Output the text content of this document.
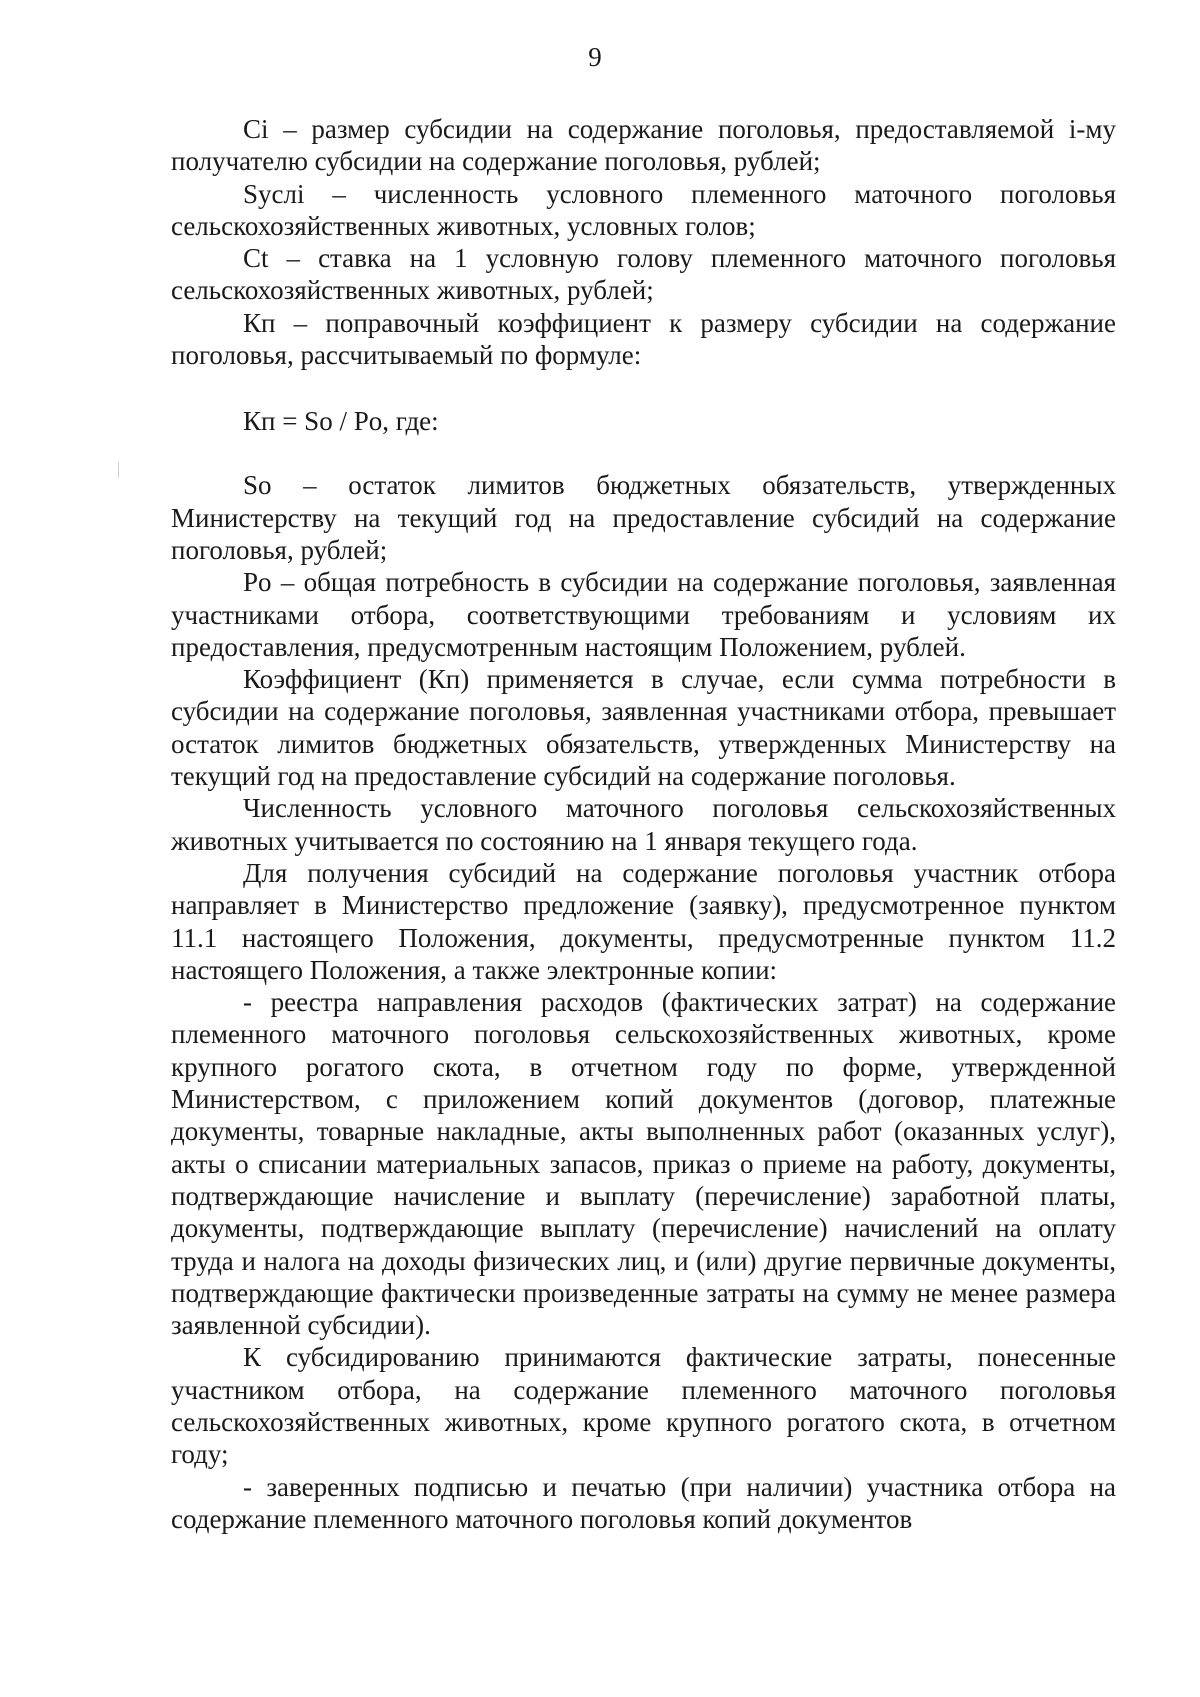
9

Ci – размер субсидии на содержание поголовья, предоставляемой i-му получателю субсидии на содержание поголовья, рублей;

Sycлi – численность условного племенного маточного поголовья сельскохозяйственных животных, условных голов;

Ct – ставка на 1 условную голову племенного маточного поголовья сельскохозяйственных животных, рублей;

Кп – поправочный коэффициент к размеру субсидии на содержание поголовья, рассчитываемый по формуле:

Кп = So / Po, где:

So – остаток лимитов бюджетных обязательств, утвержденных Министерству на текущий год на предоставление субсидий на содержание поголовья, рублей;

Po – общая потребность в субсидии на содержание поголовья, заявленная участниками отбора, соответствующими требованиям и условиям их предоставления, предусмотренным настоящим Положением, рублей.

Коэффициент (Кп) применяется в случае, если сумма потребности в субсидии на содержание поголовья, заявленная участниками отбора, превышает остаток лимитов бюджетных обязательств, утвержденных Министерству на текущий год на предоставление субсидий на содержание поголовья.

Численность условного маточного поголовья сельскохозяйственных животных учитывается по состоянию на 1 января текущего года.

Для получения субсидий на содержание поголовья участник отбора направляет в Министерство предложение (заявку), предусмотренное пунктом 11.1 настоящего Положения, документы, предусмотренные пунктом 11.2 настоящего Положения, а также электронные копии:

- реестра направления расходов (фактических затрат) на содержание племенного маточного поголовья сельскохозяйственных животных, кроме крупного рогатого скота, в отчетном году по форме, утвержденной Министерством, с приложением копий документов (договор, платежные документы, товарные накладные, акты выполненных работ (оказанных услуг), акты о списании материальных запасов, приказ о приеме на работу, документы, подтверждающие начисление и выплату (перечисление) заработной платы, документы, подтверждающие выплату (перечисление) начислений на оплату труда и налога на доходы физических лиц, и (или) другие первичные документы, подтверждающие фактически произведенные затраты на сумму не менее размера заявленной субсидии).

К субсидированию принимаются фактические затраты, понесенные участником отбора, на содержание племенного маточного поголовья сельскохозяйственных животных, кроме крупного рогатого скота, в отчетном году;

- заверенных подписью и печатью (при наличии) участника отбора на содержание племенного маточного поголовья копий документов
